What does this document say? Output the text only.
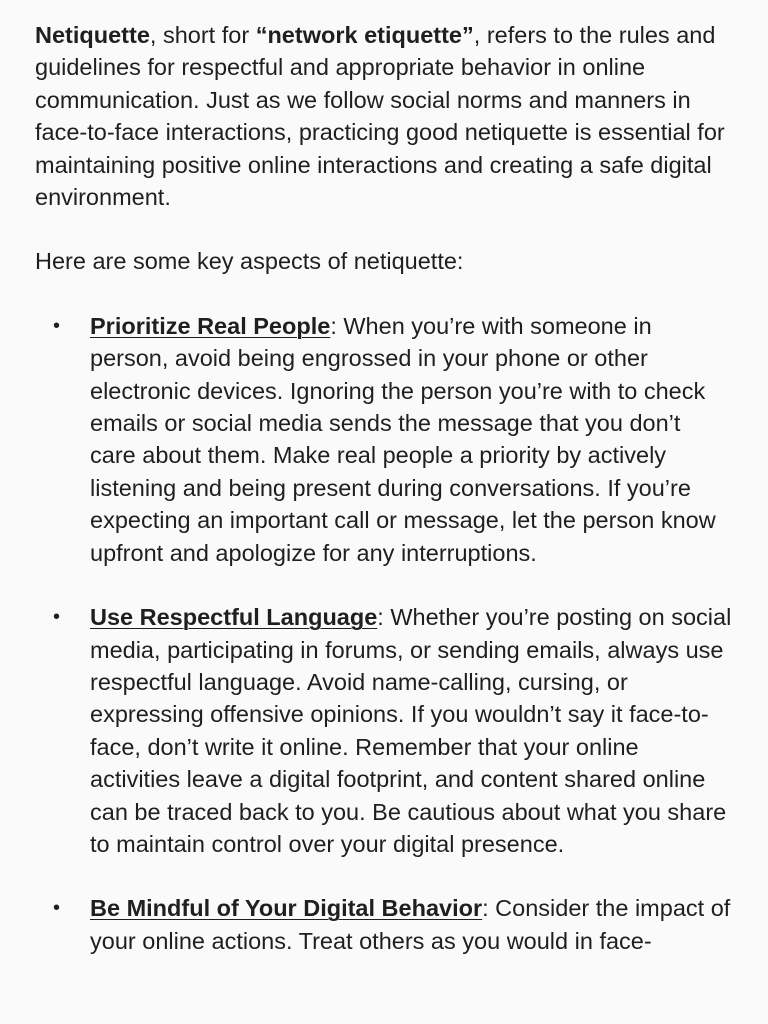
Netiquette, short for “network etiquette”, refers to the rules and guidelines for respectful and appropriate behavior in online communication. Just as we follow social norms and manners in face-to-face interactions, practicing good netiquette is essential for maintaining positive online interactions and creating a safe digital environment.

Here are some key aspects of netiquette:

• Prioritize Real People: When you’re with someone in person, avoid being engrossed in your phone or other electronic devices. Ignoring the person you’re with to check emails or social media sends the message that you don’t care about them. Make real people a priority by actively listening and being present during conversations. If you’re expecting an important call or message, let the person know upfront and apologize for any interruptions.
• Use Respectful Language: Whether you’re posting on social media, participating in forums, or sending emails, always use respectful language. Avoid name-calling, cursing, or expressing offensive opinions. If you wouldn’t say it face-to-face, don’t write it online. Remember that your online activities leave a digital footprint, and content shared online can be traced back to you. Be cautious about what you share to maintain control over your digital presence.
• Be Mindful of Your Digital Behavior: Consider the impact of your online actions. Treat others as you would in face-
